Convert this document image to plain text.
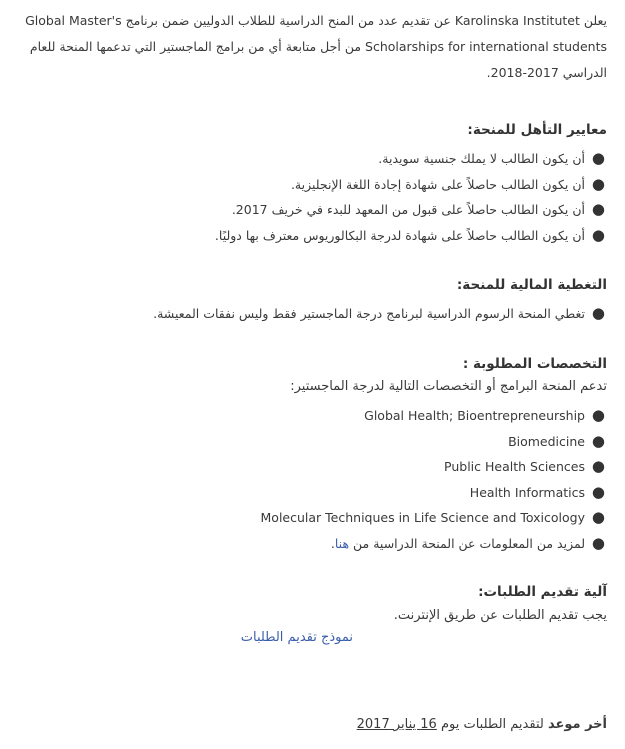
يعلن Karolinska Institutet عن تقديم عدد من المنح الدراسية للطلاب الدوليين ضمن برنامج Global Master's Scholarships for international students من أجل متابعة أي من برامج الماجستير التي تدعمها المنحة للعام الدراسي 2017-2018.

معايير التأهل للمنحة:

●
أن يكون الطالب لا يملك جنسية سويدية.
●
أن يكون الطالب حاصلاً على شهادة إجادة اللغة الإنجليزية.
●
أن يكون الطالب حاصلاً على قبول من المعهد للبدء في خريف 2017.
●
أن يكون الطالب حاصلاً على شهادة لدرجة البكالوريوس معترف بها دوليًا.

التغطية المالية للمنحة:

●
تغطي المنحة الرسوم الدراسية لبرنامج درجة الماجستير فقط وليس نفقات المعيشة.

التخصصات المطلوبة :

تدعم المنحة البرامج أو التخصصات التالية لدرجة الماجستير:

●
Global Health; Bioentrepreneurship
●
Biomedicine
●
Public Health Sciences
●
Health Informatics
●
Molecular Techniques in Life Science and Toxicology
●
لمزيد من المعلومات عن المنحة الدراسية من هنا.

آلية تقديم الطلبات:

يجب تقديم الطلبات عن طريق الإنترنت.

نموذج تقديم الطلبات

أخر موعد لتقديم الطلبات يوم 16 يناير 2017
